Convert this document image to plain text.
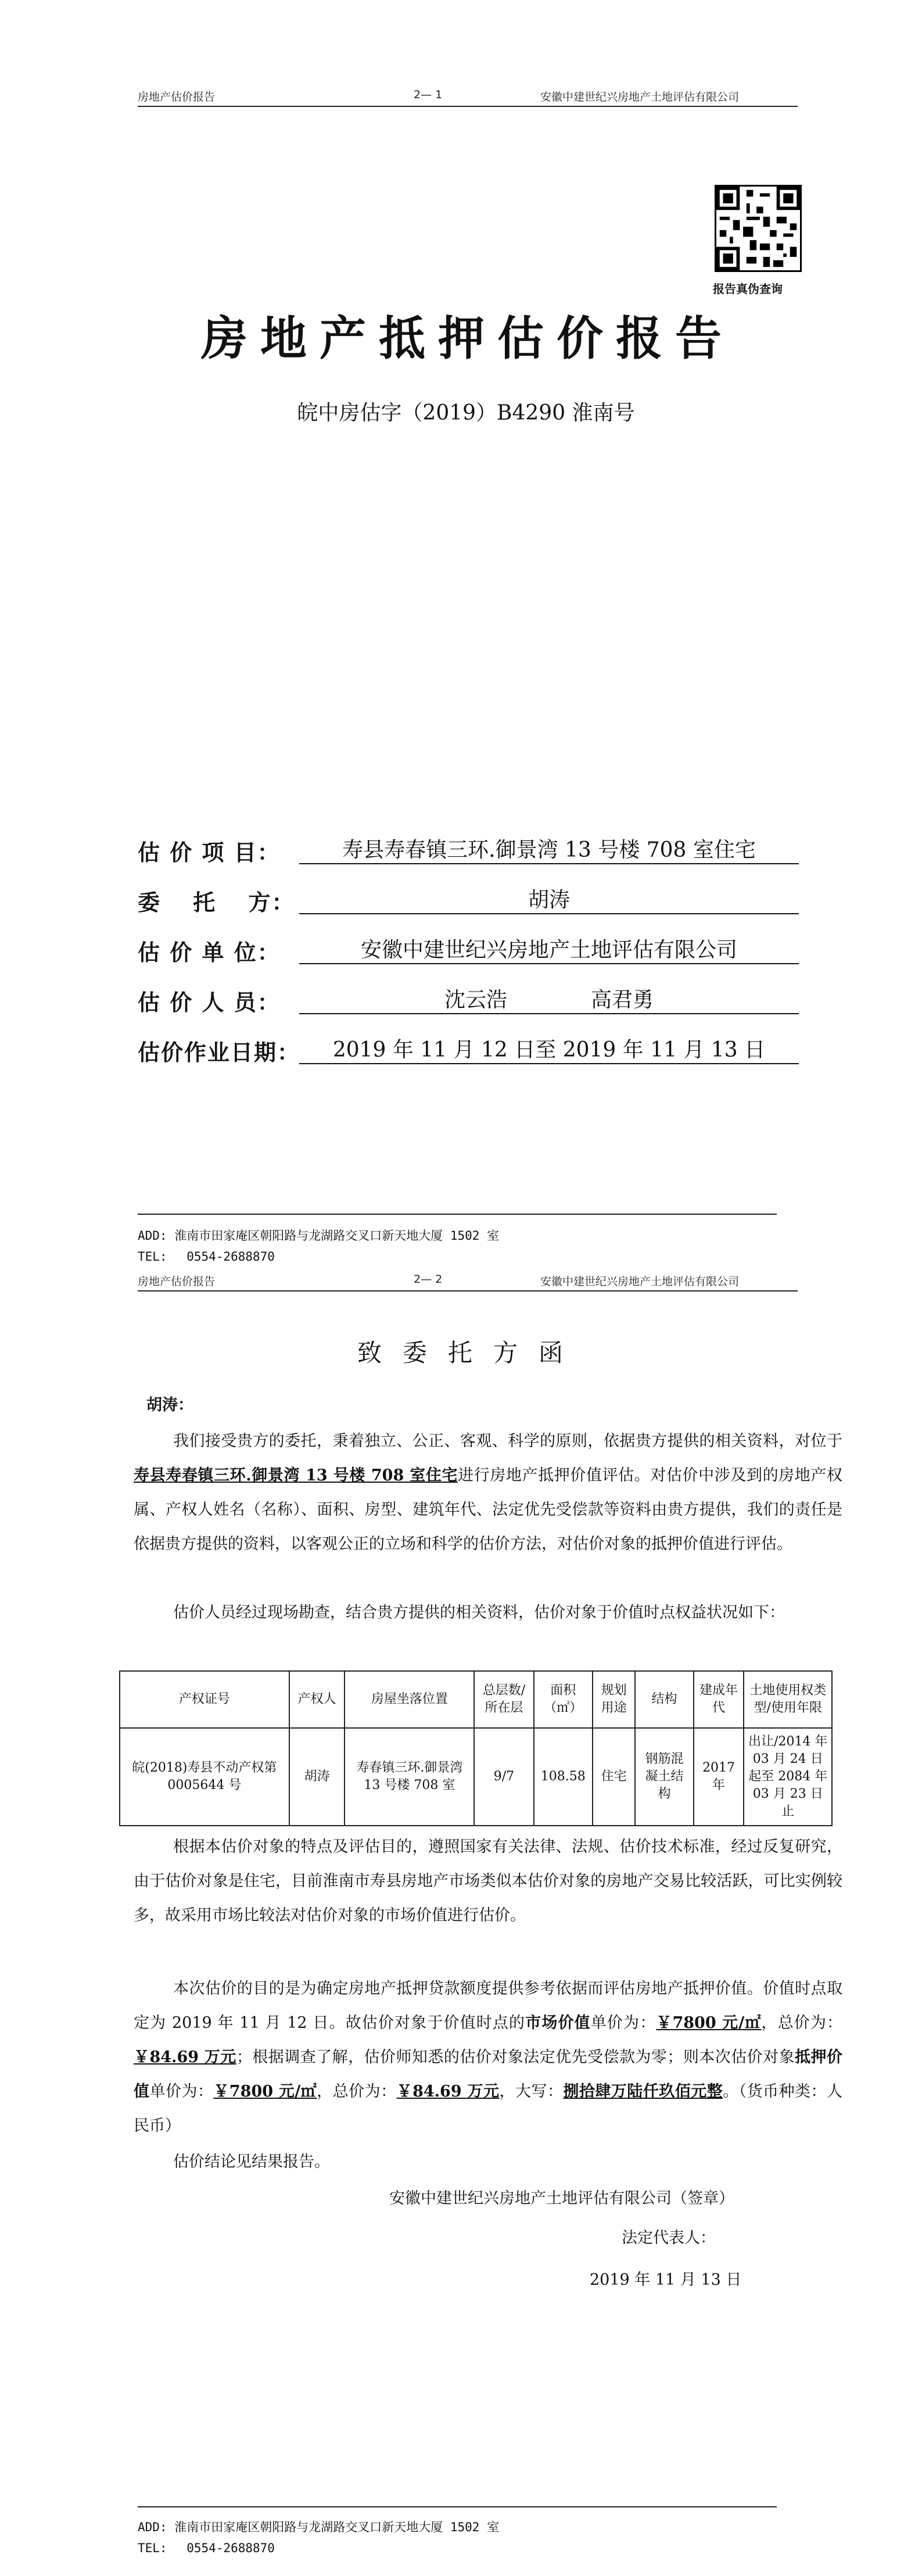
房地产估价报告	2— 1	安徽中建世纪兴房地产土地评估有限公司
报告真伪查询
房地产抵押估价报告
皖中房估字（2019）B4290 淮南号
估 价 项 目：	寿县寿春镇三环.御景湾 13 号楼 708 室住宅
委　 托　 方：	胡涛
估 价 单 位：	安徽中建世纪兴房地产土地评估有限公司
估 价 人 员：	沈云浩　　　　高君勇
估价作业日期：	2019 年 11 月 12 日至 2019 年 11 月 13 日
ADD: 淮南市田家庵区朝阳路与龙湖路交叉口新天地大厦 1502 室
TEL:　 0554-2688870
房地产估价报告	2— 2	安徽中建世纪兴房地产土地评估有限公司
致委托方函
胡涛：
我们接受贵方的委托，秉着独立、公正、客观、科学的原则，依据贵方提供的相关资料，对位于寿县寿春镇三环.御景湾 13 号楼 708 室住宅进行房地产抵押价值评估。对估价中涉及到的房地产权属、产权人姓名（名称）、面积、房型、建筑年代、法定优先受偿款等资料由贵方提供，我们的责任是依据贵方提供的资料，以客观公正的立场和科学的估价方法，对估价对象的抵押价值进行评估。
估价人员经过现场勘查，结合贵方提供的相关资料，估价对象于价值时点权益状况如下：
产权证号	产权人	房屋坐落位置	总层数/所在层	面积（㎡）	规划用途	结构	建成年代	土地使用权类型/使用年限
皖(2018)寿县不动产权第 0005644 号	胡涛	寿春镇三环.御景湾 13 号楼 708 室	9/7	108.58	住宅	钢筋混凝土结构	2017 年	出让/2014 年 03 月 24 日起至 2084 年 03 月 23 日止
根据本估价对象的特点及评估目的，遵照国家有关法律、法规、估价技术标准，经过反复研究，由于估价对象是住宅，目前淮南市寿县房地产市场类似本估价对象的房地产交易比较活跃，可比实例较多，故采用市场比较法对估价对象的市场价值进行估价。
本次估价的目的是为确定房地产抵押贷款额度提供参考依据而评估房地产抵押价值。价值时点取定为 2019 年 11 月 12 日。故估价对象于价值时点的市场价值单价为：￥7800 元/㎡，总价为：￥84.69 万元；根据调查了解，估价师知悉的估价对象法定优先受偿款为零；则本次估价对象抵押价值单价为：￥7800 元/㎡，总价为：￥84.69 万元，大写：捌拾肆万陆仟玖佰元整。（货币种类：人民币）
估价结论见结果报告。
安徽中建世纪兴房地产土地评估有限公司（签章）
法定代表人：
2019 年 11 月 13 日
ADD: 淮南市田家庵区朝阳路与龙湖路交叉口新天地大厦 1502 室
TEL:　 0554-2688870
